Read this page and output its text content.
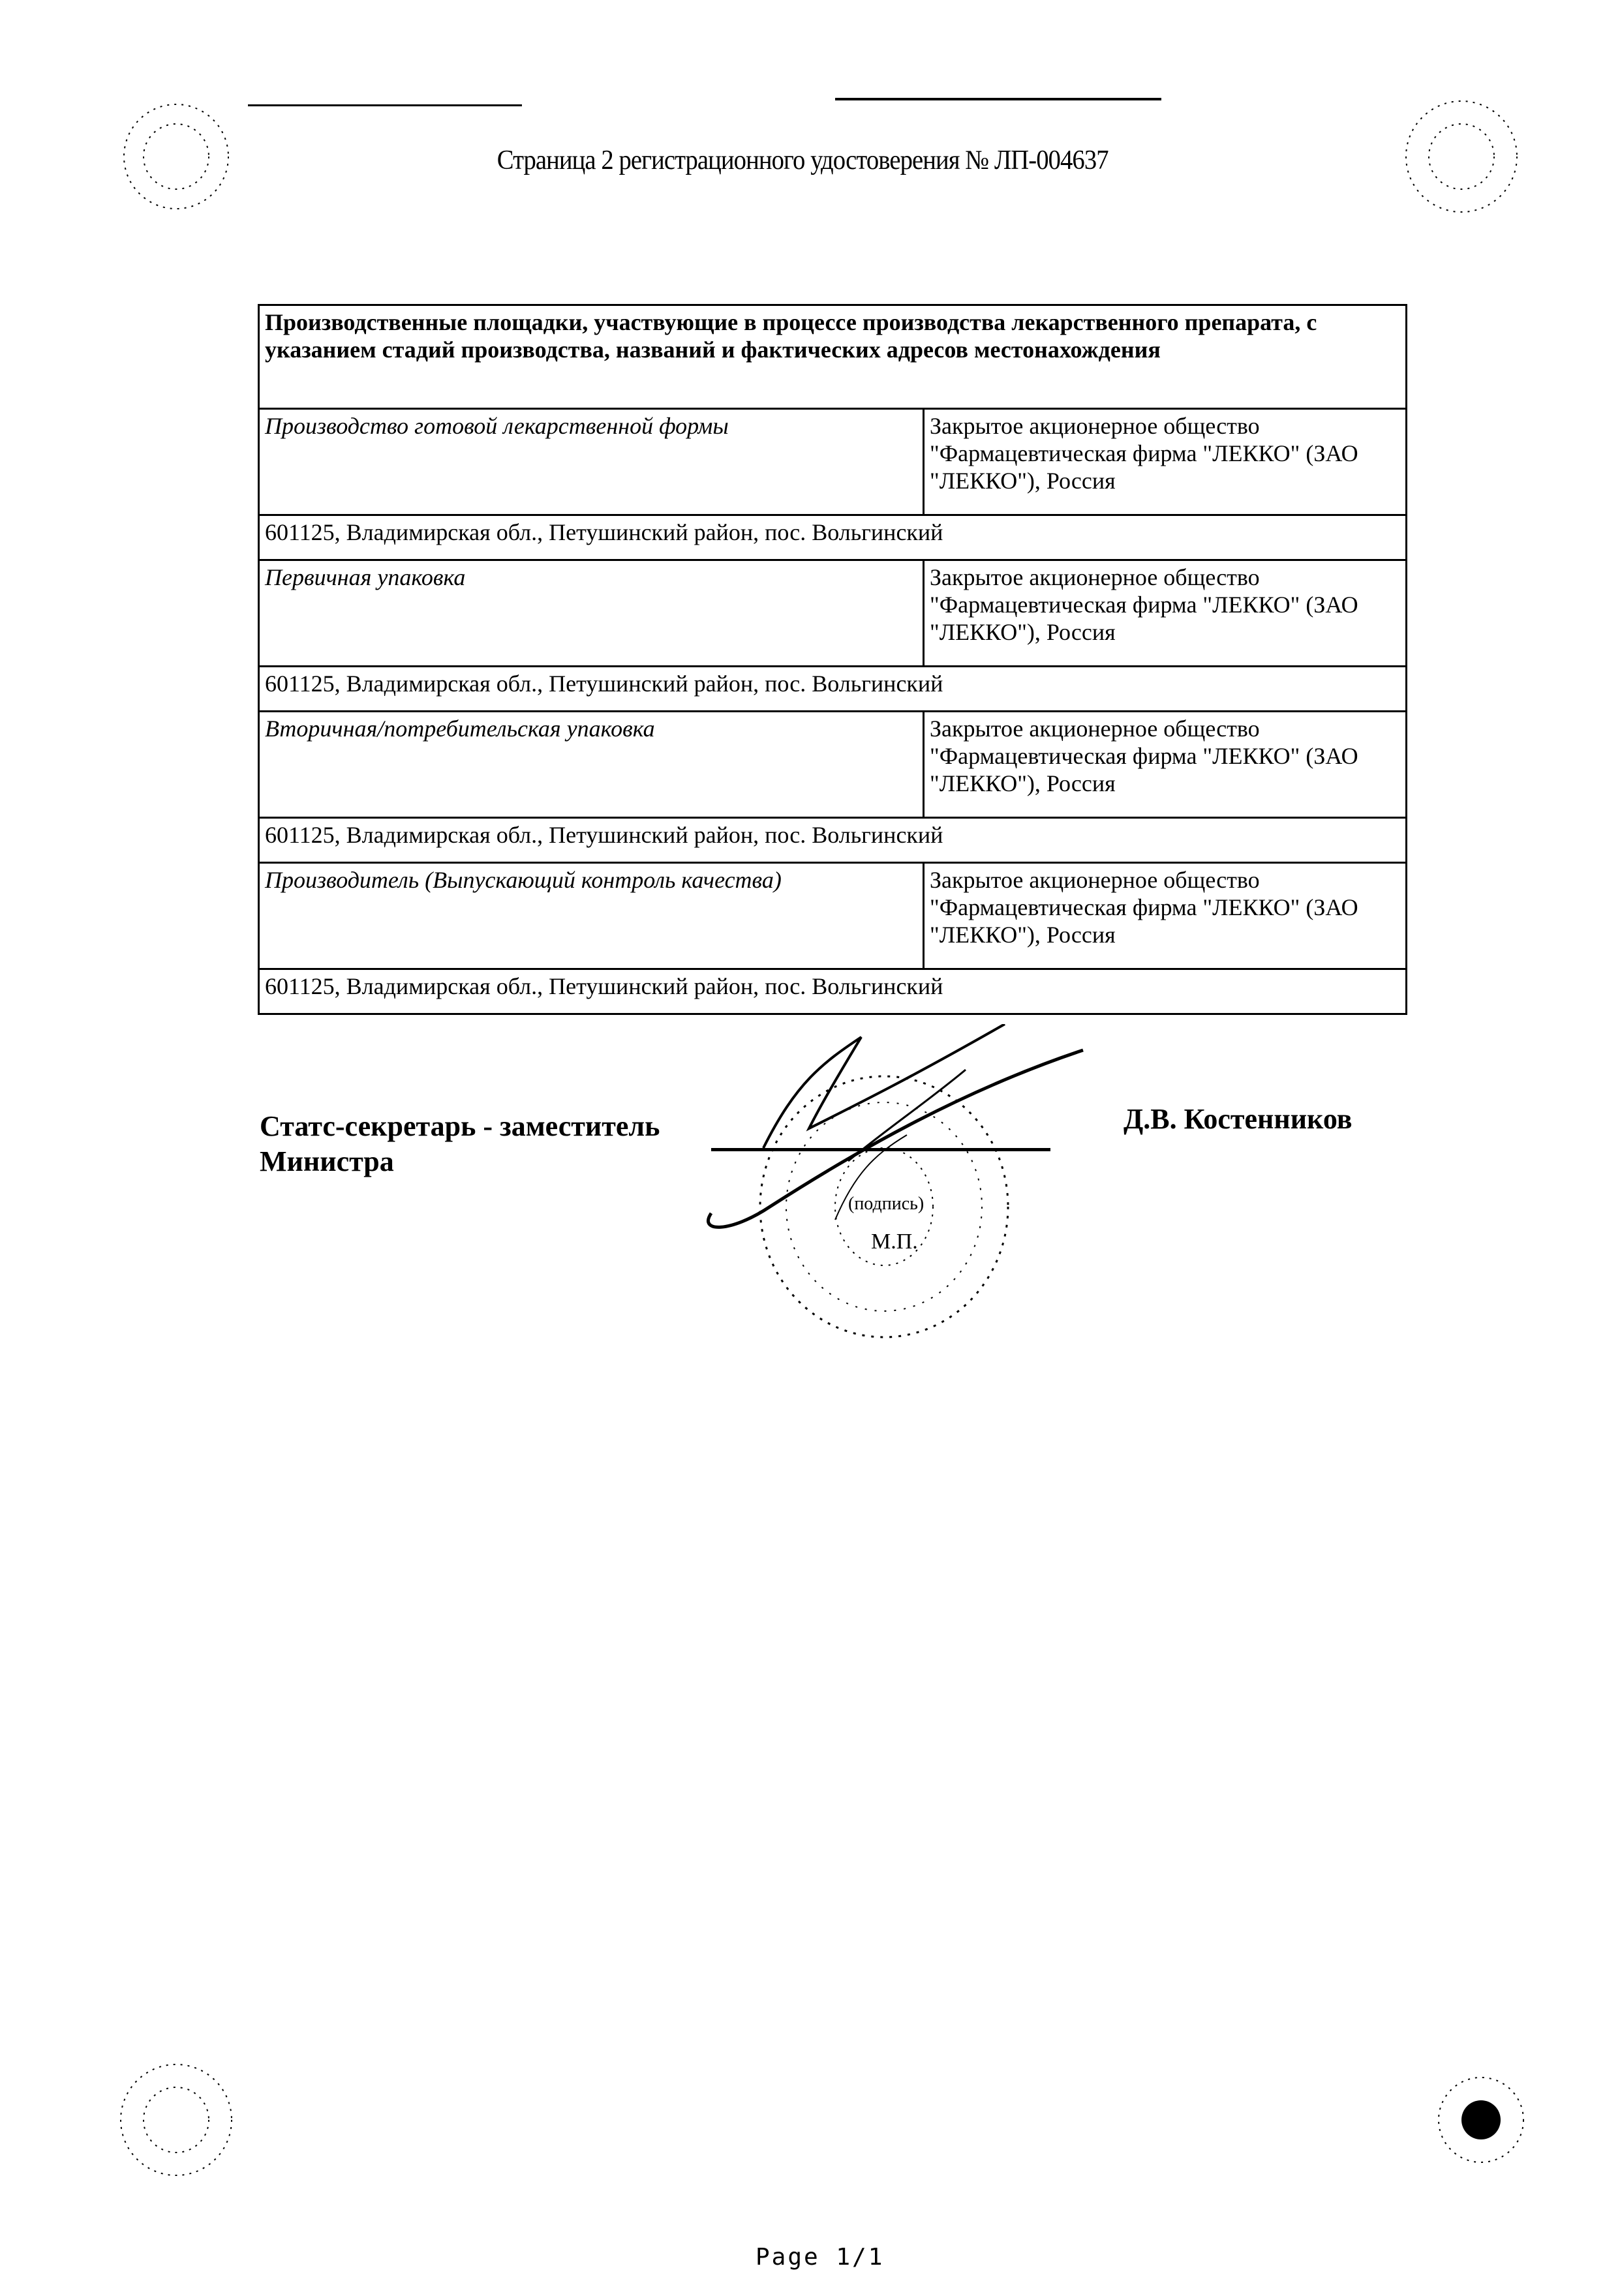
Страница 2 регистрационного удостоверения № ЛП-004637
Производственные площадки, участвующие в процессе производства лекарственного препарата, с указанием стадий производства, названий и фактических адресов местонахождения	
Производство готовой лекарственной формы	Закрытое акционерное общество "Фармацевтическая фирма "ЛЕККО" (ЗАО "ЛЕККО"), Россия
601125, Владимирская обл., Петушинский район, пос. Вольгинский	
Первичная упаковка	Закрытое акционерное общество "Фармацевтическая фирма "ЛЕККО" (ЗАО "ЛЕККО"), Россия
601125, Владимирская обл., Петушинский район, пос. Вольгинский	
Вторичная/потребительская упаковка	Закрытое акционерное общество "Фармацевтическая фирма "ЛЕККО" (ЗАО "ЛЕККО"), Россия
601125, Владимирская обл., Петушинский район, пос. Вольгинский	
Производитель (Выпускающий контроль качества)	Закрытое акционерное общество "Фармацевтическая фирма "ЛЕККО" (ЗАО "ЛЕККО"), Россия
601125, Владимирская обл., Петушинский район, пос. Вольгинский	
Статс-секретарь - заместитель
Министра
(подпись)
М.П.
Д.В. Костенников
Page 1/1
